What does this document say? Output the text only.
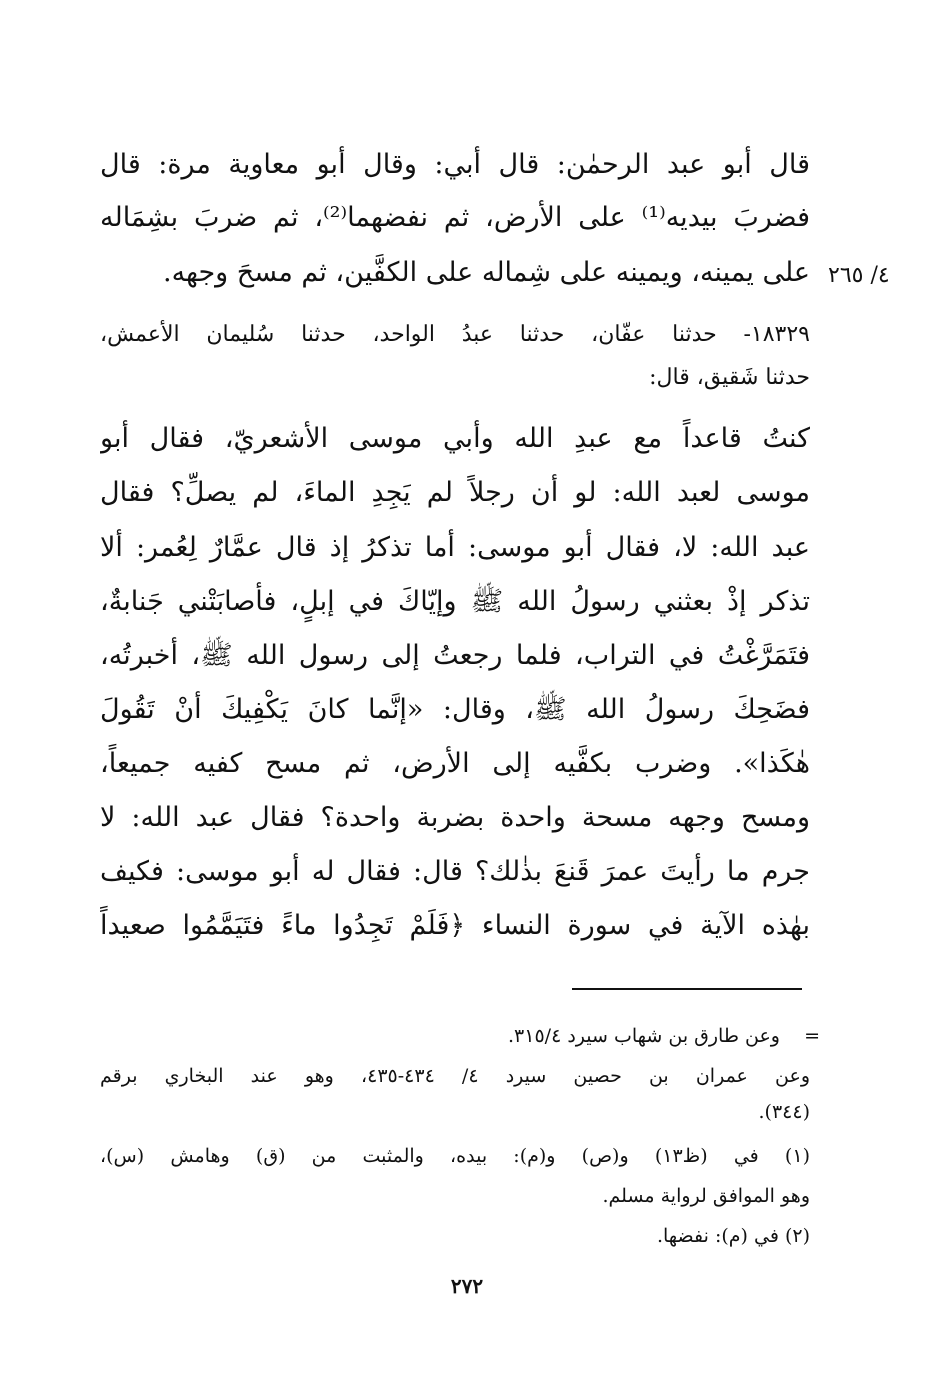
٤/ ٢٦٥
قال أبو عبد الرحمٰن: قال أبي: وقال أبو معاوية مرة: قال
فضربَ بيديه⁽¹⁾ على الأرض، ثم نفضهما⁽²⁾، ثم ضربَ بشِمَاله
على يمينه، ويمينه على شِماله على الكفَّين، ثم مسحَ وجهه.
١٨٣٢٩- حدثنا عفّان، حدثنا عبدُ الواحد، حدثنا سُليمان الأعمش،
حدثنا شَقيق، قال:
كنتُ قاعداً مع عبدِ الله وأبي موسى الأشعريّ، فقال أبو
موسى لعبد الله: لو أن رجلاً لم يَجِدِ الماءَ، لم يصلِّ؟ فقال
عبد الله: لا، فقال أبو موسى: أما تذكرُ إذ قال عمَّارٌ لِعُمر: ألا
تذكر إذْ بعثني رسولُ الله ﷺ وإيّاكَ في إبلٍ، فأصابَتْني جَنابةٌ،
فتَمَرَّغْتُ في التراب، فلما رجعتُ إلى رسول الله ﷺ، أخبرتُه،
فضَحِكَ رسولُ الله ﷺ، وقال: «إنَّما كانَ يَكْفِيكَ أنْ تَقُولَ
هٰكَذا». وضرب بكفَّيه إلى الأرض، ثم مسح كفيه جميعاً،
ومسح وجهه مسحة واحدة بضربة واحدة؟ فقال عبد الله: لا
جرم ما رأيتَ عمرَ قَنعَ بذٰلك؟ قال: فقال له أبو موسى: فكيف
بهٰذه الآية في سورة النساء ﴿فَلَمْ تَجِدُوا ماءً فتَيَمَّمُوا صعيداً
=
وعن طارق بن شهاب سيرد ٣١٥/٤.
وعن عمران بن حصين سيرد ٤/ ٤٣٤-٤٣٥، وهو عند البخاري برقم
(٣٤٤).
(١) في (ظ١٣) و(ص) و(م): بيده، والمثبت من (ق) وهامش (س)،
وهو الموافق لرواية مسلم.
(٢) في (م): نفضها.
٢٧٢
